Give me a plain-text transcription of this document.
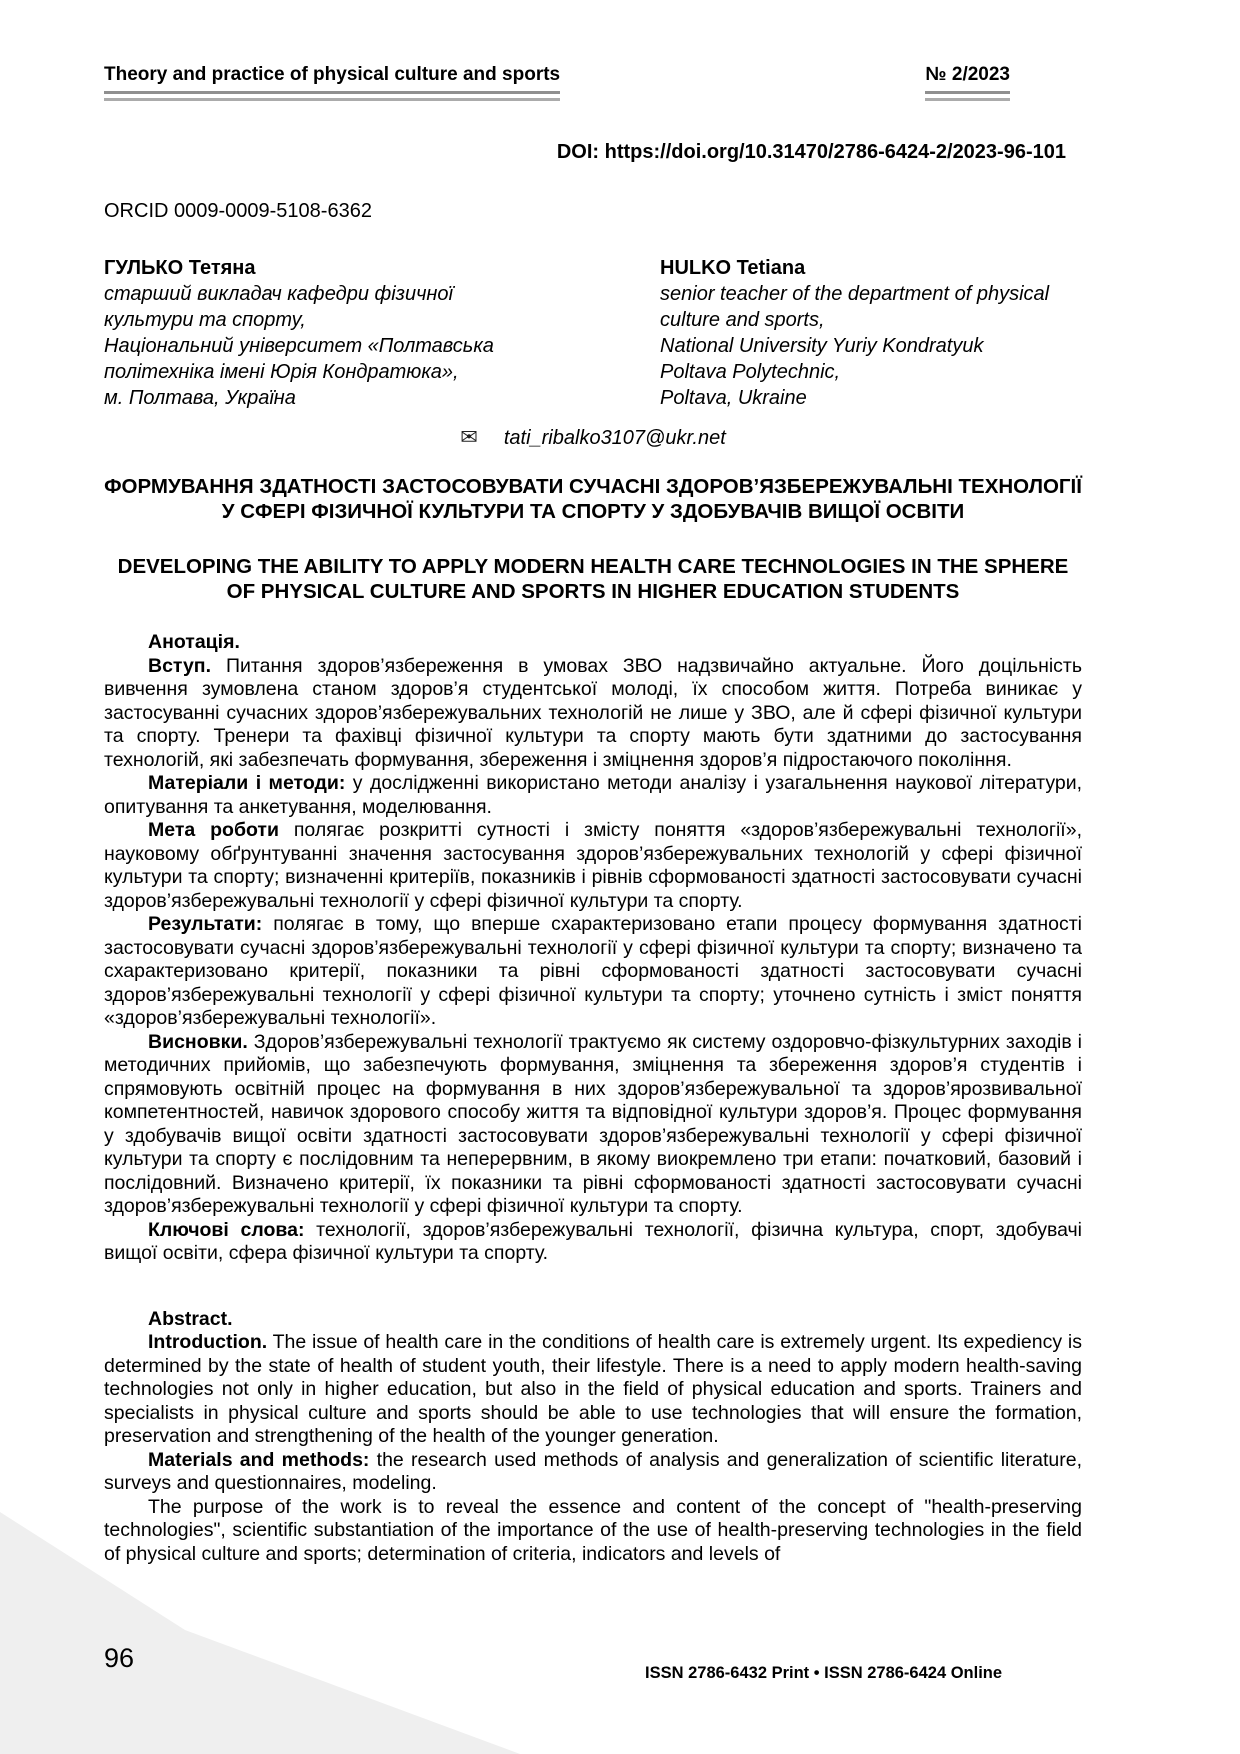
Theory and practice of physical culture and sports	№ 2/2023
DOI: https://doi.org/10.31470/2786-6424-2/2023-96-101
ORCID 0009-0009-5108-6362
ГУЛЬКО Тетяна
старший викладач кафедри фізичної
культури та спорту,
Національний університет «Полтавська
політехніка імені Юрія Кондратюка»,
м. Полтава, Україна
HULKO Tetiana
senior teacher of the department of physical
culture and sports,
National University Yuriy Kondratyuk
Poltava Polytechnic,
Poltava, Ukraine
✉ tati_ribalko3107@ukr.net
ФОРМУВАННЯ ЗДАТНОСТІ ЗАСТОСОВУВАТИ СУЧАСНІ ЗДОРОВ’ЯЗБЕРЕЖУВАЛЬНІ ТЕХНОЛОГІЇ У СФЕРІ ФІЗИЧНОЇ КУЛЬТУРИ ТА СПОРТУ У ЗДОБУВАЧІВ ВИЩОЇ ОСВІТИ
DEVELOPING THE ABILITY TO APPLY MODERN HEALTH CARE TECHNOLOGIES IN THE SPHERE OF PHYSICAL CULTURE AND SPORTS IN HIGHER EDUCATION STUDENTS

Анотація.

Вступ. Питання здоров’язбереження в умовах ЗВО надзвичайно актуальне. Його доцільність вивчення зумовлена станом здоров’я студентської молоді, їх способом життя. Потреба виникає у застосуванні сучасних здоров’язбережувальних технологій не лише у ЗВО, але й сфері фізичної культури та спорту. Тренери та фахівці фізичної культури та спорту мають бути здатними до застосування технологій, які забезпечать формування, збереження і зміцнення здоров’я підростаючого покоління.

Матеріали і методи: у дослідженні використано методи аналізу і узагальнення наукової літератури, опитування та анкетування, моделювання.

Мета роботи полягає розкритті сутності і змісту поняття «здоров’язбережувальні технології», науковому обґрунтуванні значення застосування здоров’язбережувальних технологій у сфері фізичної культури та спорту; визначенні критеріїв, показників і рівнів сформованості здатності застосовувати сучасні здоров’язбережувальні технології у сфері фізичної культури та спорту.

Результати: полягає в тому, що вперше схарактеризовано етапи процесу формування здатності застосовувати сучасні здоров’язбережувальні технології у сфері фізичної культури та спорту; визначено та схарактеризовано критерії, показники та рівні сформованості здатності застосовувати сучасні здоров’язбережувальні технології у сфері фізичної культури та спорту; уточнено сутність і зміст поняття «здоров’язбережувальні технології».

Висновки. Здоров’язбережувальні технології трактуємо як систему оздоровчо-фізкультурних заходів і методичних прийомів, що забезпечують формування, зміцнення та збереження здоров’я студентів і спрямовують освітній процес на формування в них здоров’язбережувальної та здоров’ярозвивальної компетентностей, навичок здорового способу життя та відповідної культури здоров’я. Процес формування у здобувачів вищої освіти здатності застосовувати здоров’язбережувальні технології у сфері фізичної культури та спорту є послідовним та неперервним, в якому виокремлено три етапи: початковий, базовий і послідовний. Визначено критерії, їх показники та рівні сформованості здатності застосовувати сучасні здоров’язбережувальні технології у сфері фізичної культури та спорту.

Ключові слова: технології, здоров’язбережувальні технології, фізична культура, спорт, здобувачі вищої освіти, сфера фізичної культури та спорту.

Abstract.

Introduction. The issue of health care in the conditions of health care is extremely urgent. Its expediency is determined by the state of health of student youth, their lifestyle. There is a need to apply modern health-saving technologies not only in higher education, but also in the field of physical education and sports. Trainers and specialists in physical culture and sports should be able to use technologies that will ensure the formation, preservation and strengthening of the health of the younger generation.

Materials and methods: the research used methods of analysis and generalization of scientific literature, surveys and questionnaires, modeling.

The purpose of the work is to reveal the essence and content of the concept of "health-preserving technologies", scientific substantiation of the importance of the use of health-preserving technologies in the field of physical culture and sports; determination of criteria, indicators and levels of

96	ISSN 2786-6432 Print • ISSN 2786-6424 Online
